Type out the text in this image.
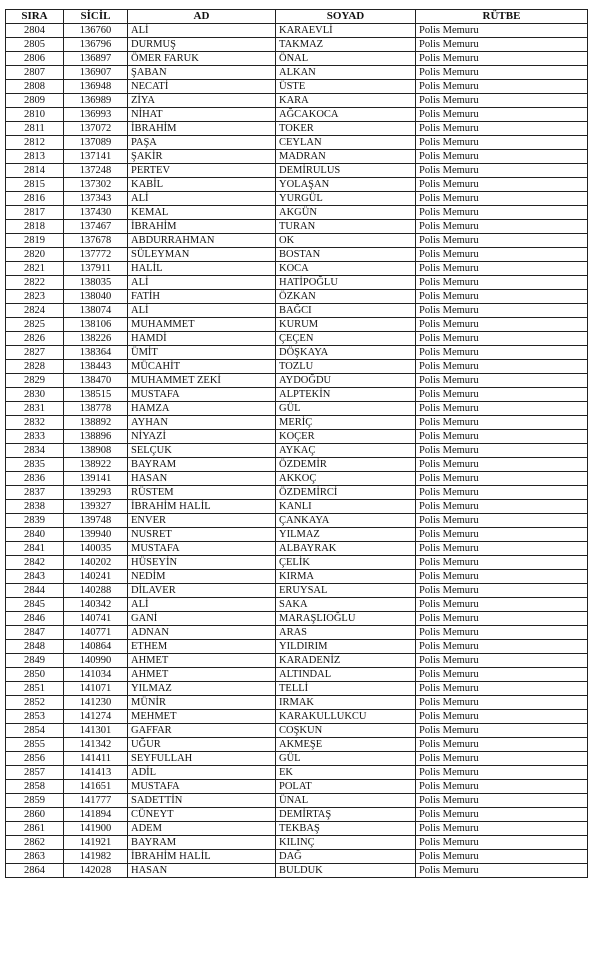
SIRA	SİCİL	AD	SOYAD	RÜTBE
2804	136760	ALİ	KARAEVLİ	Polis Memuru
2805	136796	DURMUŞ	TAKMAZ	Polis Memuru
2806	136897	ÖMER FARUK	ÖNAL	Polis Memuru
2807	136907	ŞABAN	ALKAN	Polis Memuru
2808	136948	NECATİ	ÜSTE	Polis Memuru
2809	136989	ZİYA	KARA	Polis Memuru
2810	136993	NİHAT	AĞCAKOCA	Polis Memuru
2811	137072	İBRAHİM	TOKER	Polis Memuru
2812	137089	PAŞA	CEYLAN	Polis Memuru
2813	137141	ŞAKİR	MADRAN	Polis Memuru
2814	137248	PERTEV	DEMİRULUS	Polis Memuru
2815	137302	KABİL	YOLAŞAN	Polis Memuru
2816	137343	ALİ	YURGÜL	Polis Memuru
2817	137430	KEMAL	AKGÜN	Polis Memuru
2818	137467	İBRAHİM	TURAN	Polis Memuru
2819	137678	ABDURRAHMAN	OK	Polis Memuru
2820	137772	SÜLEYMAN	BOSTAN	Polis Memuru
2821	137911	HALİL	KOCA	Polis Memuru
2822	138035	ALİ	HATİPOĞLU	Polis Memuru
2823	138040	FATİH	ÖZKAN	Polis Memuru
2824	138074	ALİ	BAĞCI	Polis Memuru
2825	138106	MUHAMMET	KURUM	Polis Memuru
2826	138226	HAMDİ	ÇEÇEN	Polis Memuru
2827	138364	ÜMİT	DÖŞKAYA	Polis Memuru
2828	138443	MÜCAHİT	TOZLU	Polis Memuru
2829	138470	MUHAMMET ZEKİ	AYDOĞDU	Polis Memuru
2830	138515	MUSTAFA	ALPTEKİN	Polis Memuru
2831	138778	HAMZA	GÜL	Polis Memuru
2832	138892	AYHAN	MERİÇ	Polis Memuru
2833	138896	NİYAZİ	KOÇER	Polis Memuru
2834	138908	SELÇUK	AYKAÇ	Polis Memuru
2835	138922	BAYRAM	ÖZDEMİR	Polis Memuru
2836	139141	HASAN	AKKOÇ	Polis Memuru
2837	139293	RÜSTEM	ÖZDEMİRCİ	Polis Memuru
2838	139327	İBRAHİM HALİL	KANLI	Polis Memuru
2839	139748	ENVER	ÇANKAYA	Polis Memuru
2840	139940	NUSRET	YILMAZ	Polis Memuru
2841	140035	MUSTAFA	ALBAYRAK	Polis Memuru
2842	140202	HÜSEYİN	ÇELİK	Polis Memuru
2843	140241	NEDİM	KIRMA	Polis Memuru
2844	140288	DİLAVER	ERUYSAL	Polis Memuru
2845	140342	ALİ	SAKA	Polis Memuru
2846	140741	GANİ	MARAŞLIOĞLU	Polis Memuru
2847	140771	ADNAN	ARAS	Polis Memuru
2848	140864	ETHEM	YILDIRIM	Polis Memuru
2849	140990	AHMET	KARADENİZ	Polis Memuru
2850	141034	AHMET	ALTINDAL	Polis Memuru
2851	141071	YILMAZ	TELLİ	Polis Memuru
2852	141230	MÜNİR	IRMAK	Polis Memuru
2853	141274	MEHMET	KARAKULLUKCU	Polis Memuru
2854	141301	GAFFAR	COŞKUN	Polis Memuru
2855	141342	UĞUR	AKMEŞE	Polis Memuru
2856	141411	SEYFULLAH	GÜL	Polis Memuru
2857	141413	ADİL	EK	Polis Memuru
2858	141651	MUSTAFA	POLAT	Polis Memuru
2859	141777	SADETTİN	ÜNAL	Polis Memuru
2860	141894	CÜNEYT	DEMİRTAŞ	Polis Memuru
2861	141900	ADEM	TEKBAŞ	Polis Memuru
2862	141921	BAYRAM	KILINÇ	Polis Memuru
2863	141982	İBRAHİM HALİL	DAĞ	Polis Memuru
2864	142028	HASAN	BULDUK	Polis Memuru
